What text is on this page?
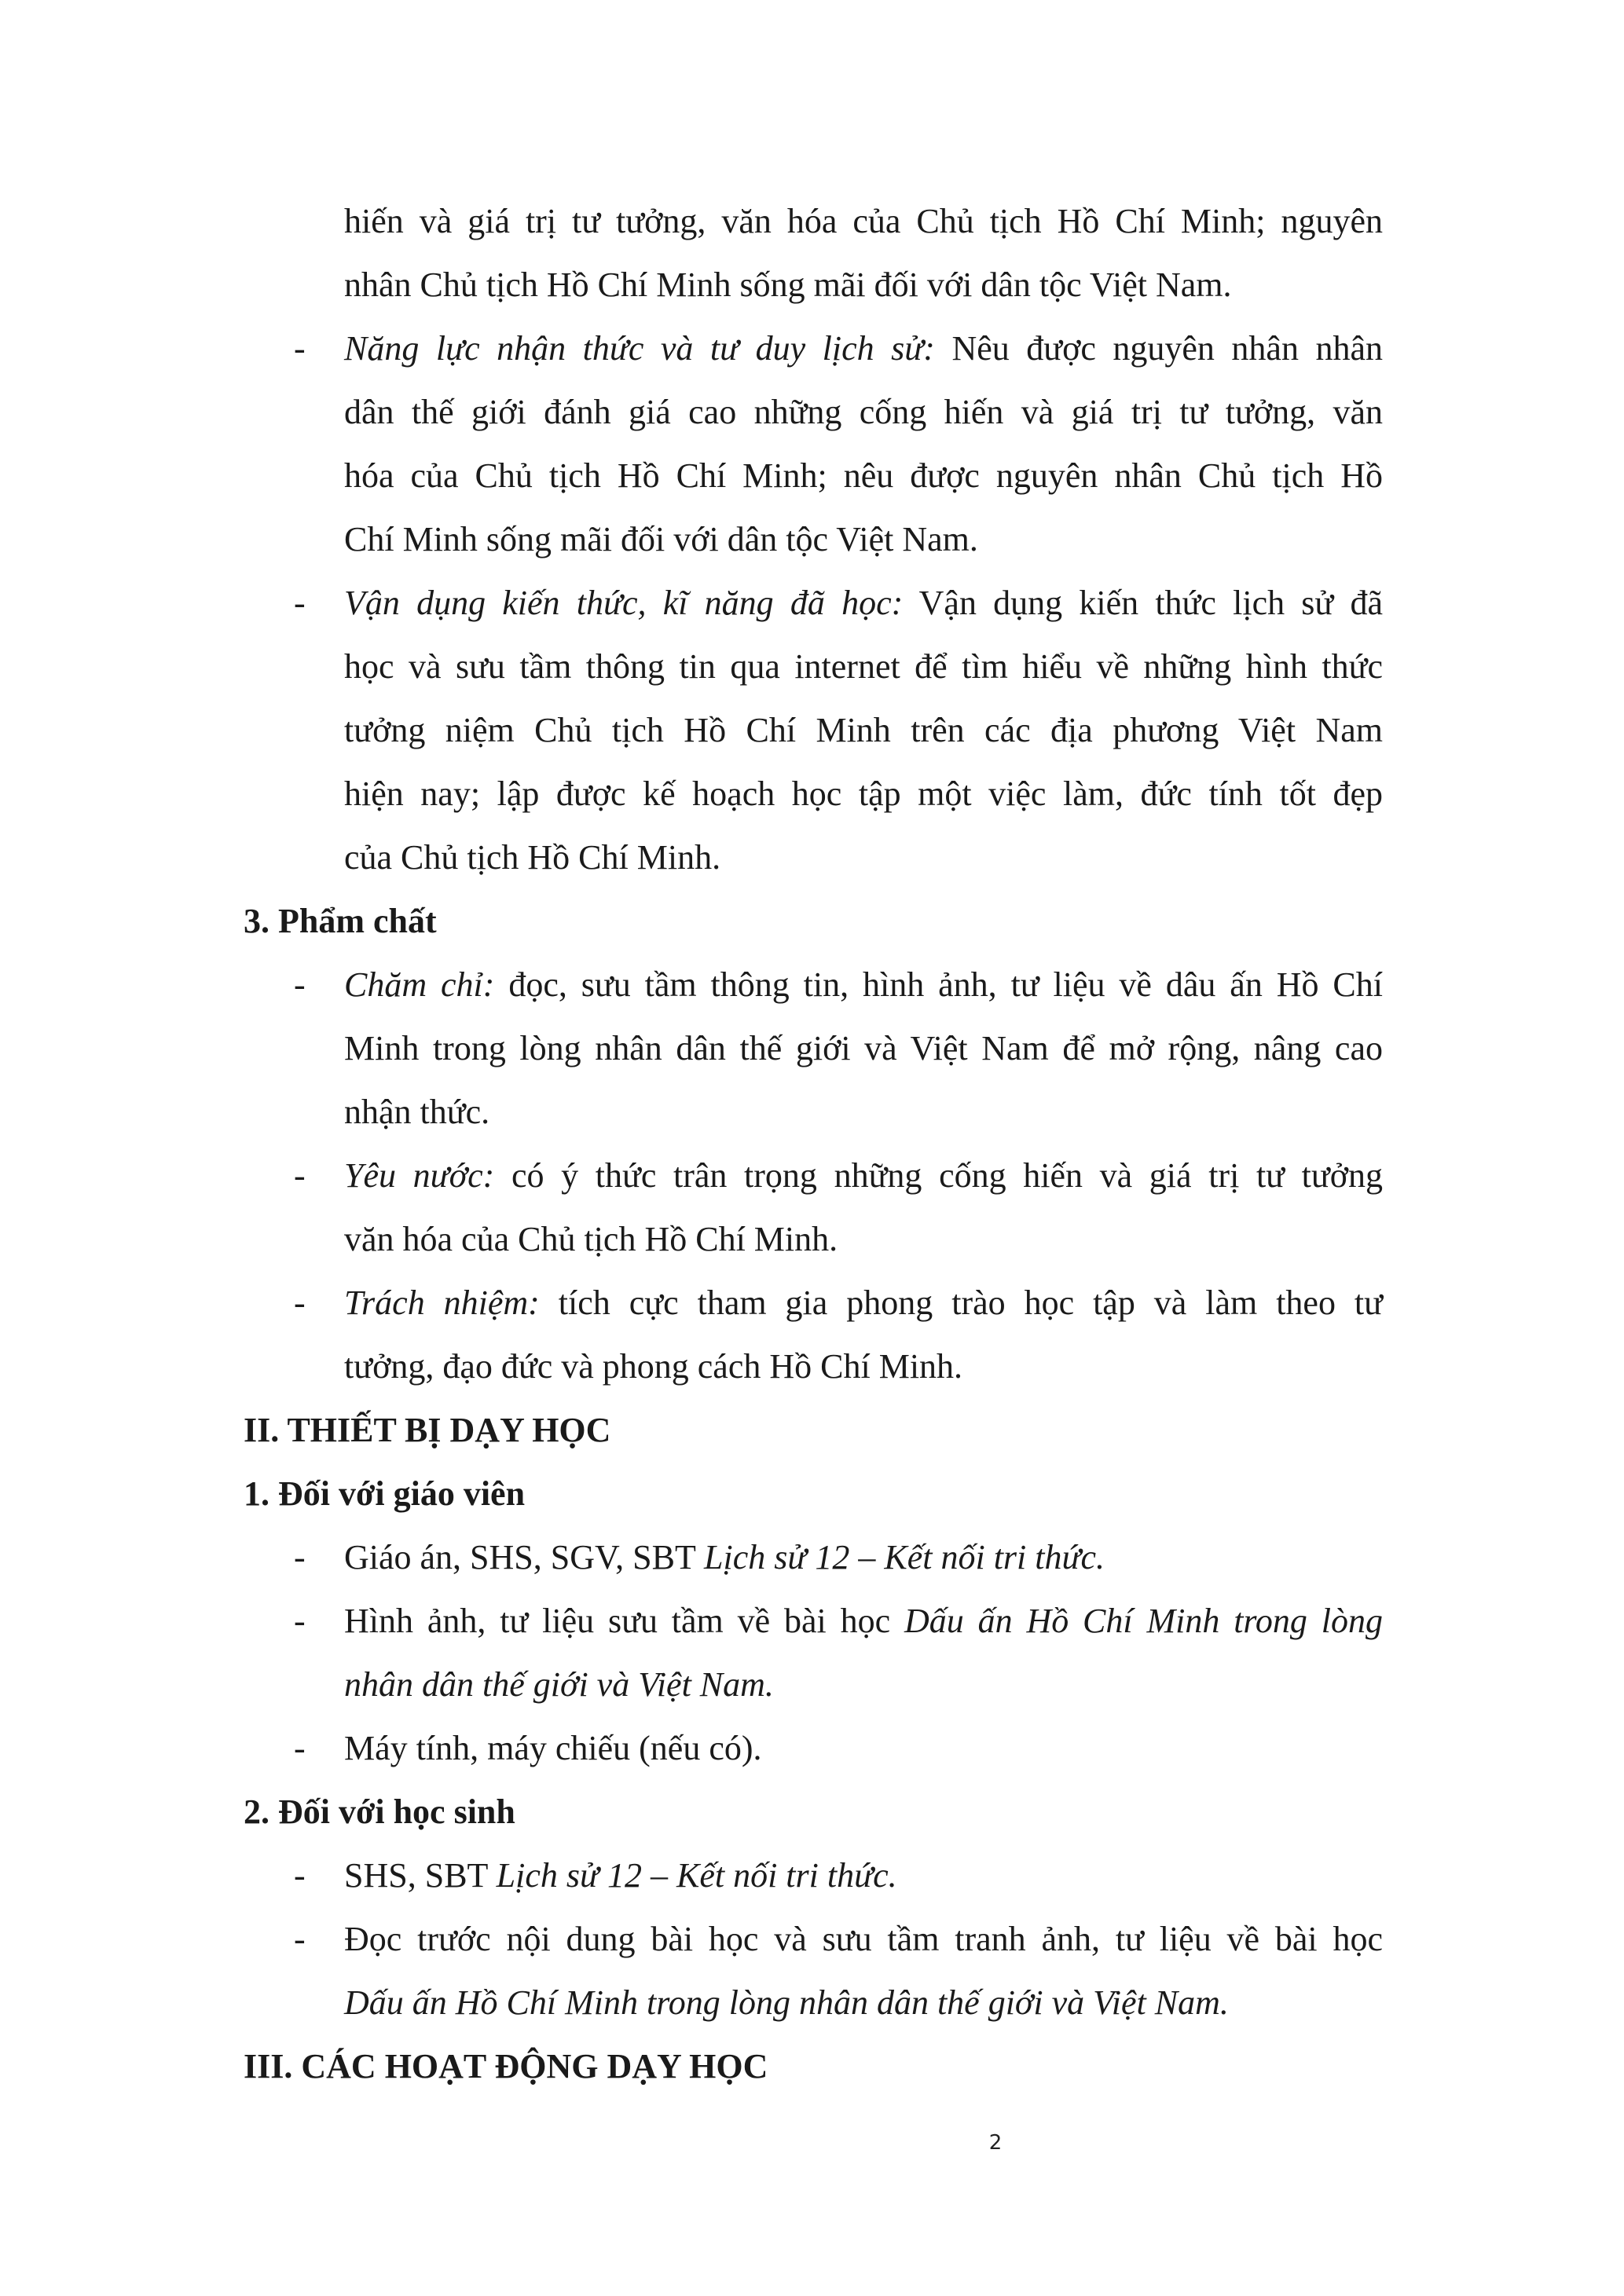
hiến và giá trị tư tưởng, văn hóa của Chủ tịch Hồ Chí Minh; nguyên
nhân Chủ tịch Hồ Chí Minh sống mãi đối với dân tộc Việt Nam.
- Năng lực nhận thức và tư duy lịch sử: Nêu được nguyên nhân nhân
dân thế giới đánh giá cao những cống hiến và giá trị tư tưởng, văn
hóa của Chủ tịch Hồ Chí Minh; nêu được nguyên nhân Chủ tịch Hồ
Chí Minh sống mãi đối với dân tộc Việt Nam.
- Vận dụng kiến thức, kĩ năng đã học: Vận dụng kiến thức lịch sử đã
học và sưu tầm thông tin qua internet để tìm hiểu về những hình thức
tưởng niệm Chủ tịch Hồ Chí Minh trên các địa phương Việt Nam
hiện nay; lập được kế hoạch học tập một việc làm, đức tính tốt đẹp
của Chủ tịch Hồ Chí Minh.
3. Phẩm chất
- Chăm chỉ: đọc, sưu tầm thông tin, hình ảnh, tư liệu về dâu ấn Hồ Chí
Minh trong lòng nhân dân thế giới và Việt Nam để mở rộng, nâng cao
nhận thức.
- Yêu nước: có ý thức trân trọng những cống hiến và giá trị tư tưởng
văn hóa của Chủ tịch Hồ Chí Minh.
- Trách nhiệm: tích cực tham gia phong trào học tập và làm theo tư
tưởng, đạo đức và phong cách Hồ Chí Minh.
II. THIẾT BỊ DẠY HỌC
1. Đối với giáo viên
- Giáo án, SHS, SGV, SBT Lịch sử 12 – Kết nối tri thức.
- Hình ảnh, tư liệu sưu tầm về bài học Dấu ấn Hồ Chí Minh trong lòng
nhân dân thế giới và Việt Nam.
- Máy tính, máy chiếu (nếu có).
2. Đối với học sinh
- SHS, SBT Lịch sử 12 – Kết nối tri thức.
- Đọc trước nội dung bài học và sưu tầm tranh ảnh, tư liệu về bài học
Dấu ấn Hồ Chí Minh trong lòng nhân dân thế giới và Việt Nam.
III. CÁC HOẠT ĐỘNG DẠY HỌC
2
